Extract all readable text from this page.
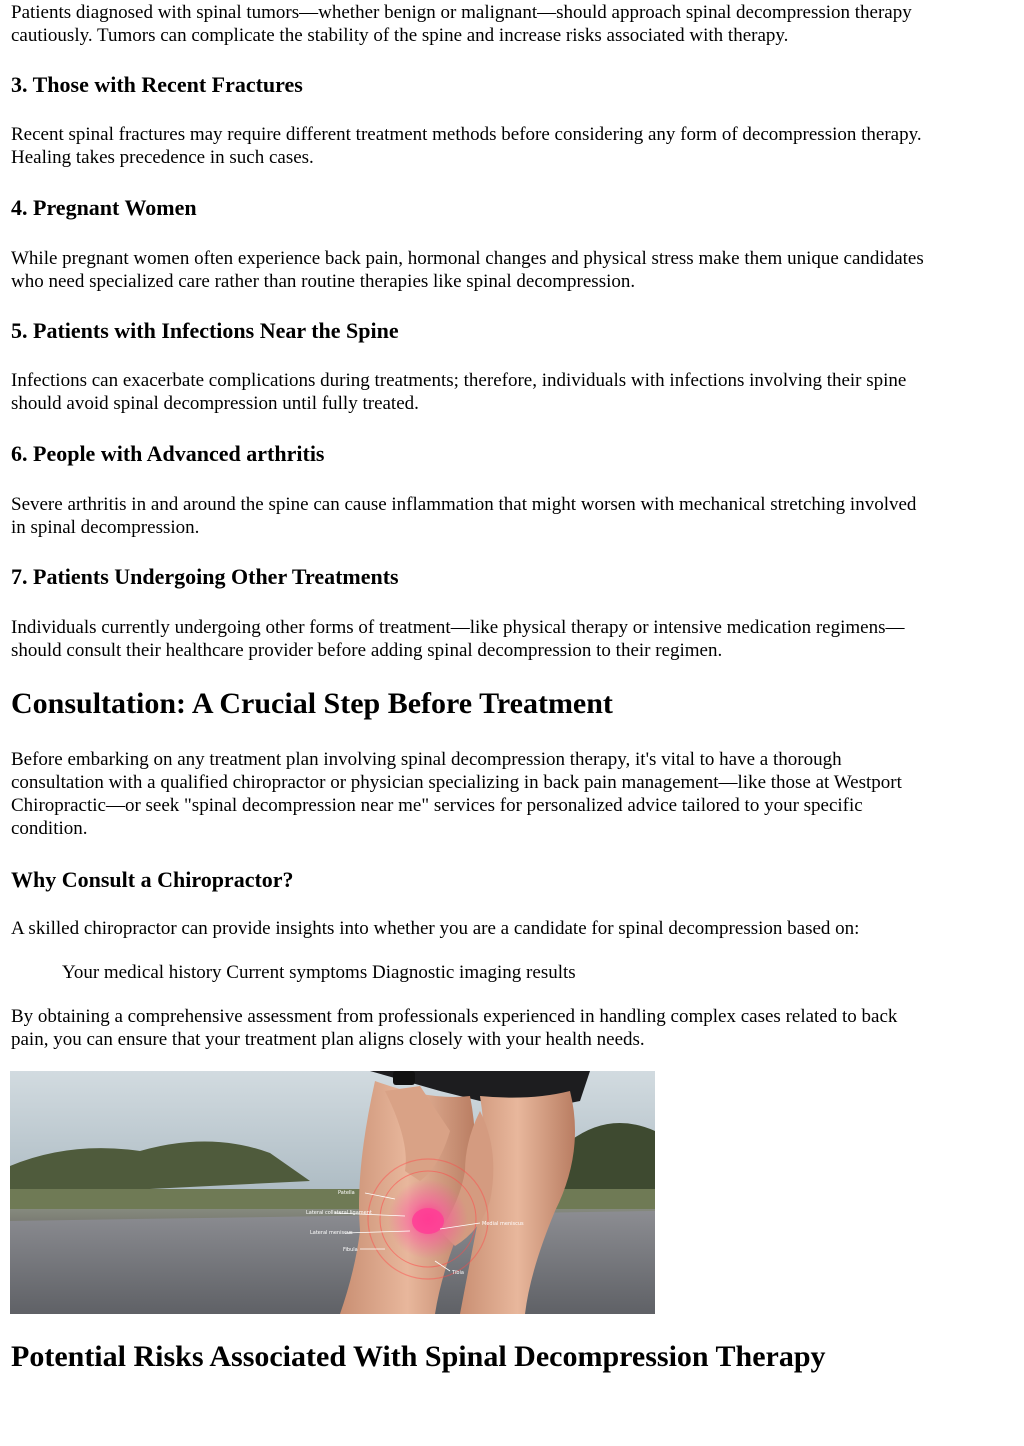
Patients diagnosed with spinal tumors—whether benign or malignant—should approach spinal decompression therapy

cautiously. Tumors can complicate the stability of the spine and increase risks associated with therapy.

3. Those with Recent Fractures

Recent spinal fractures may require different treatment methods before considering any form of decompression therapy.

Healing takes precedence in such cases.

4. Pregnant Women

While pregnant women often experience back pain, hormonal changes and physical stress make them unique candidates

who need specialized care rather than routine therapies like spinal decompression.

5. Patients with Infections Near the Spine

Infections can exacerbate complications during treatments; therefore, individuals with infections involving their spine

should avoid spinal decompression until fully treated.

6. People with Advanced arthritis

Severe arthritis in and around the spine can cause inflammation that might worsen with mechanical stretching involved

in spinal decompression.

7. Patients Undergoing Other Treatments

Individuals currently undergoing other forms of treatment—like physical therapy or intensive medication regimens—

should consult their healthcare provider before adding spinal decompression to their regimen.

Consultation: A Crucial Step Before Treatment

Before embarking on any treatment plan involving spinal decompression therapy, it's vital to have a thorough

consultation with a qualified chiropractor or physician specializing in back pain management—like those at Westport

Chiropractic—or seek "spinal decompression near me" services for personalized advice tailored to your specific

condition.

Why Consult a Chiropractor?

A skilled chiropractor can provide insights into whether you are a candidate for spinal decompression based on:

Your medical history Current symptoms Diagnostic imaging results

By obtaining a comprehensive assessment from professionals experienced in handling complex cases related to back

pain, you can ensure that your treatment plan aligns closely with your health needs.

Patella
Lateral collateral ligament
Lateral meniscus
Fibula
Medial meniscus
Tibia
Potential Risks Associated With Spinal Decompression Therapy
